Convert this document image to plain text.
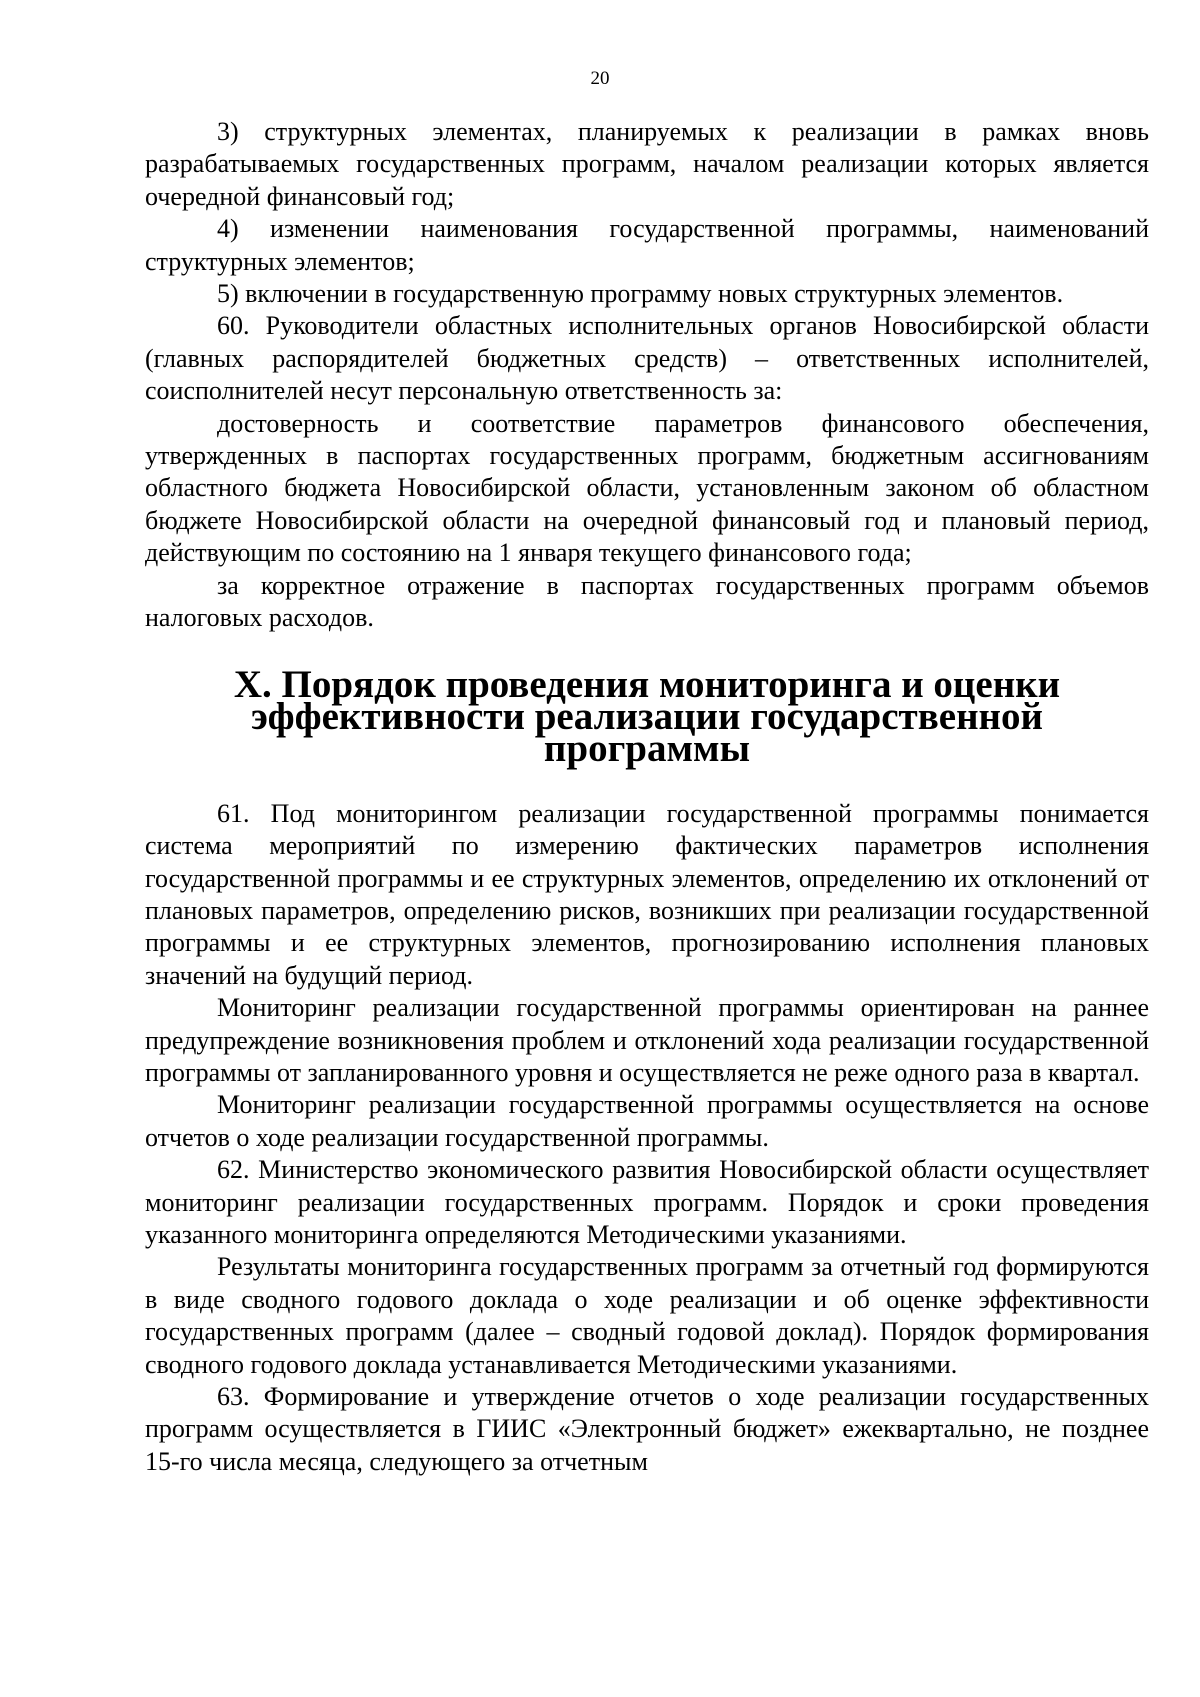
20

3) структурных элементах, планируемых к реализации в рамках вновь разрабатываемых государственных программ, началом реализации которых является очередной финансовый год;

4) изменении наименования государственной программы, наименований структурных элементов;

5) включении в государственную программу новых структурных элементов.

60. Руководители областных исполнительных органов Новосибирской области (главных распорядителей бюджетных средств) – ответственных исполнителей, соисполнителей несут персональную ответственность за:

достоверность и соответствие параметров финансового обеспечения, утвержденных в паспортах государственных программ, бюджетным ассигнованиям областного бюджета Новосибирской области, установленным законом об областном бюджете Новосибирской области на очередной финансовый год и плановый период, действующим по состоянию на 1 января текущего финансового года;

за корректное отражение в паспортах государственных программ объемов налоговых расходов.

X. Порядок проведения мониторинга и оценки эффективности реализации государственной программы

61. Под мониторингом реализации государственной программы понимается система мероприятий по измерению фактических параметров исполнения государственной программы и ее структурных элементов, определению их отклонений от плановых параметров, определению рисков, возникших при реализации государственной программы и ее структурных элементов, прогнозированию исполнения плановых значений на будущий период.

Мониторинг реализации государственной программы ориентирован на раннее предупреждение возникновения проблем и отклонений хода реализации государственной программы от запланированного уровня и осуществляется не реже одного раза в квартал.

Мониторинг реализации государственной программы осуществляется на основе отчетов о ходе реализации государственной программы.

62. Министерство экономического развития Новосибирской области осуществляет мониторинг реализации государственных программ. Порядок и сроки проведения указанного мониторинга определяются Методическими указаниями.

Результаты мониторинга государственных программ за отчетный год формируются в виде сводного годового доклада о ходе реализации и об оценке эффективности государственных программ (далее – сводный годовой доклад). Порядок формирования сводного годового доклада устанавливается Методическими указаниями.

63. Формирование и утверждение отчетов о ходе реализации государственных программ осуществляется в ГИИС «Электронный бюджет» ежеквартально, не позднее 15-го числа месяца, следующего за отчетным
